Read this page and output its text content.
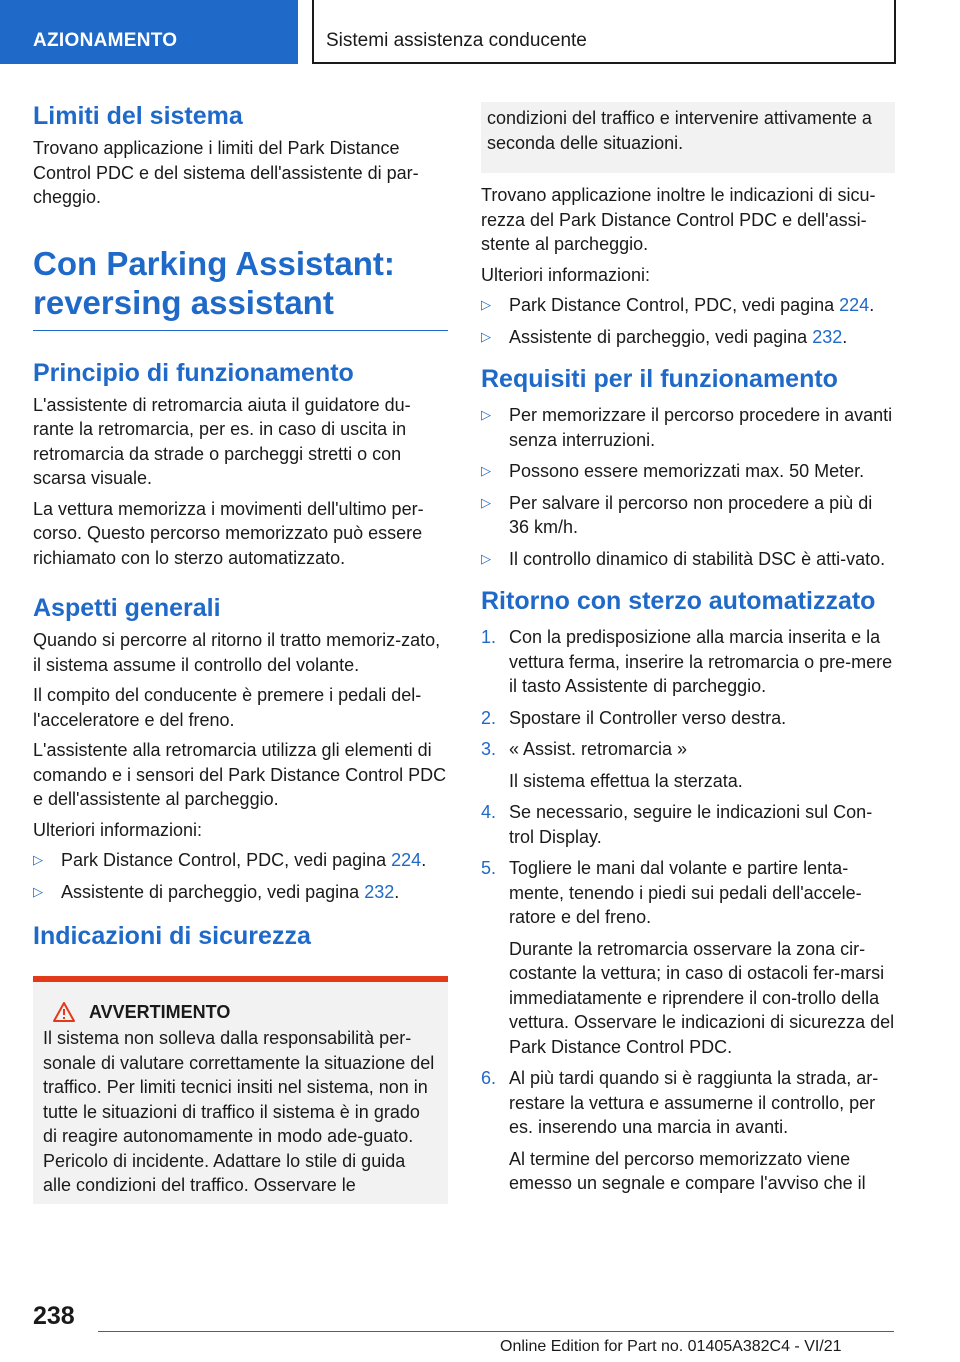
AZIONAMENTO	Sistemi assistenza conducente
Limiti del sistema
Trovano applicazione i limiti del Park Distance Control PDC e del sistema dell'assistente di par-cheggio.
Con Parking Assistant: reversing assistant
Principio di funzionamento
L'assistente di retromarcia aiuta il guidatore du-rante la retromarcia, per es. in caso di uscita in retromarcia da strade o parcheggi stretti o con scarsa visuale.
La vettura memorizza i movimenti dell'ultimo per-corso. Questo percorso memorizzato può essere richiamato con lo sterzo automatizzato.
Aspetti generali
Quando si percorre al ritorno il tratto memoriz-zato, il sistema assume il controllo del volante.
Il compito del conducente è premere i pedali del-l'acceleratore e del freno.
L'assistente alla retromarcia utilizza gli elementi di comando e i sensori del Park Distance Control PDC e dell'assistente al parcheggio.
Ulteriori informazioni:
▷	Park Distance Control, PDC, vedi pagina 224.
▷	Assistente di parcheggio, vedi pagina 232.
Indicazioni di sicurezza
AVVERTIMENTO
Il sistema non solleva dalla responsabilità per-sonale di valutare correttamente la situazione del traffico. Per limiti tecnici insiti nel sistema, non in tutte le situazioni di traffico il sistema è in grado di reagire autonomamente in modo ade-guato. Pericolo di incidente. Adattare lo stile di guida alle condizioni del traffico. Osservare le
condizioni del traffico e intervenire attivamente a seconda delle situazioni.
Trovano applicazione inoltre le indicazioni di sicu-rezza del Park Distance Control PDC e dell'assi-stente al parcheggio.
Ulteriori informazioni:
▷	Park Distance Control, PDC, vedi pagina 224.
▷	Assistente di parcheggio, vedi pagina 232.
Requisiti per il funzionamento
▷	Per memorizzare il percorso procedere in avanti senza interruzioni.
▷	Possono essere memorizzati max. 50 Meter.
▷	Per salvare il percorso non procedere a più di 36 km/h.
▷	Il controllo dinamico di stabilità DSC è atti-vato.
Ritorno con sterzo automatizzato
1. Con la predisposizione alla marcia inserita e la vettura ferma, inserire la retromarcia o pre-mere il tasto Assistente di parcheggio.
2. Spostare il Controller verso destra.
3. « Assist. retromarcia »
Il sistema effettua la sterzata.
4. Se necessario, seguire le indicazioni sul Con-trol Display.
5. Togliere le mani dal volante e partire lenta-mente, tenendo i piedi sui pedali dell'accele-ratore e del freno.
Durante la retromarcia osservare la zona cir-costante la vettura; in caso di ostacoli fer-marsi immediatamente e riprendere il con-trollo della vettura. Osservare le indicazioni di sicurezza del Park Distance Control PDC.
6. Al più tardi quando si è raggiunta la strada, ar-restare la vettura e assumerne il controllo, per es. inserendo una marcia in avanti.
Al termine del percorso memorizzato viene emesso un segnale e compare l'avviso che il
238
Online Edition for Part no. 01405A382C4 - VI/21
